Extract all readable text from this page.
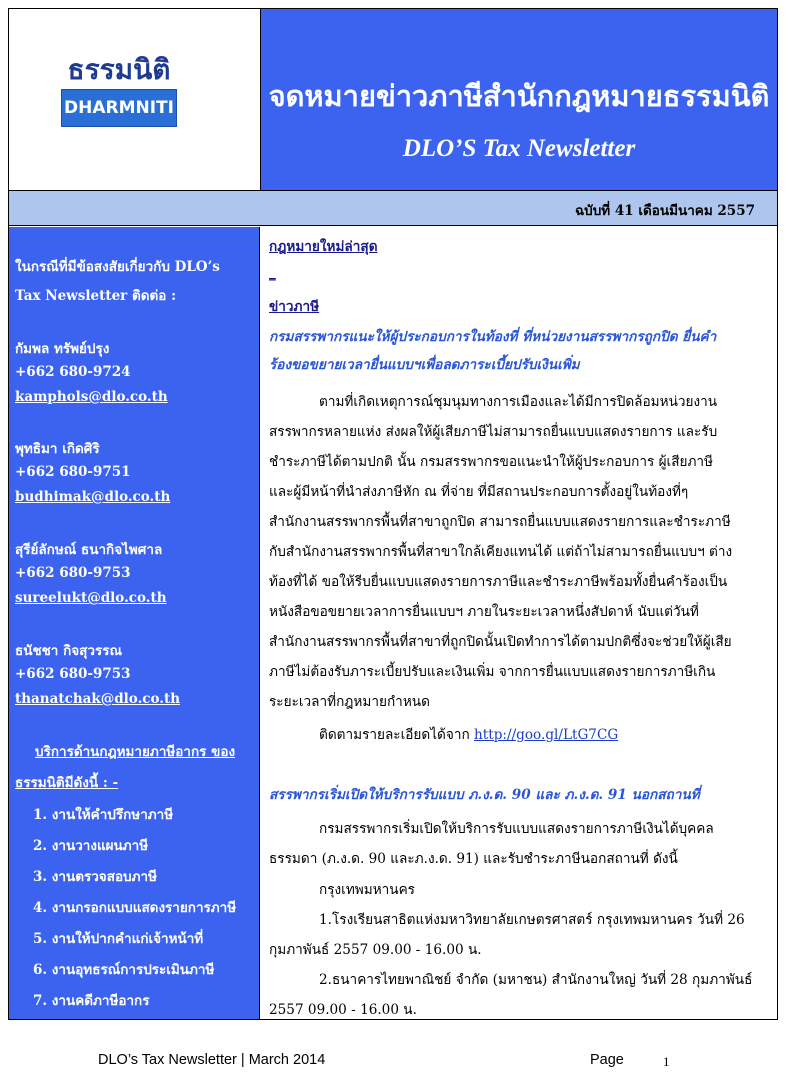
ธรรมนิติ
DHARMNITI	จดหมายข่าวภาษีสำนักกฎหมายธรรมนิติ
DLO’S Tax Newsletter
ฉบับที่ 41 เดือนมีนาคม 2557
ในกรณีที่มีข้อสงสัยเกี่ยวกับ DLO’s
Tax Newsletter ติดต่อ :
กัมพล ทรัพย์ปรุง
+662 680-9724
kamphols@dlo.co.th
พุทธิมา เกิดศิริ
+662 680-9751
budhimak@dlo.co.th
สุรีย์ลักษณ์ ธนากิจไพศาล
+662 680-9753
sureelukt@dlo.co.th
ธนัชชา กิจสุวรรณ
+662 680-9753
thanatchak@dlo.co.th
บริการด้านกฎหมายภาษีอากร ของ
ธรรมนิติมีดังนี้ : -
1. งานให้คำปรึกษาภาษี
2. งานวางแผนภาษี
3. งานตรวจสอบภาษี
4. งานกรอกแบบแสดงรายการภาษี
5. งานให้ปากคำแก่เจ้าหน้าที่
6. งานอุทธรณ์การประเมินภาษี
7. งานคดีภาษีอากร
กฎหมายใหม่ล่าสุด
_
ข่าวภาษี
กรมสรรพากรแนะให้ผู้ประกอบการในท้องที่ ที่หน่วยงานสรรพากรถูกปิด ยื่นคำ
ร้องขอขยายเวลายื่นแบบฯเพื่อลดภาระเบี้ยปรับเงินเพิ่ม
ตามที่เกิดเหตุการณ์ชุมนุมทางการเมืองและได้มีการปิดล้อมหน่วยงาน
สรรพากรหลายแห่ง ส่งผลให้ผู้เสียภาษีไม่สามารถยื่นแบบแสดงรายการ และรับ
ชำระภาษีได้ตามปกติ นั้น กรมสรรพากรขอแนะนำให้ผู้ประกอบการ ผู้เสียภาษี
และผู้มีหน้าที่นำส่งภาษีหัก ณ ที่จ่าย ที่มีสถานประกอบการตั้งอยู่ในท้องที่ๆ
สำนักงานสรรพากรพื้นที่สาขาถูกปิด สามารถยื่นแบบแสดงรายการและชำระภาษี
กับสำนักงานสรรพากรพื้นที่สาขาใกล้เคียงแทนได้ แต่ถ้าไม่สามารถยื่นแบบฯ ต่าง
ท้องที่ได้ ขอให้รีบยื่นแบบแสดงรายการภาษีและชำระภาษีพร้อมทั้งยื่นคำร้องเป็น
หนังสือขอขยายเวลาการยื่นแบบฯ ภายในระยะเวลาหนึ่งสัปดาห์ นับแต่วันที่
สำนักงานสรรพากรพื้นที่สาขาที่ถูกปิดนั้นเปิดทำการได้ตามปกติซึ่งจะช่วยให้ผู้เสีย
ภาษีไม่ต้องรับภาระเบี้ยปรับและเงินเพิ่ม จากการยื่นแบบแสดงรายการภาษีเกิน
ระยะเวลาที่กฎหมายกำหนด
ติดตามรายละเอียดได้จาก http://goo.gl/LtG7CG
สรรพากรเริ่มเปิดให้บริการรับแบบ ภ.ง.ด. 90 และ ภ.ง.ด. 91 นอกสถานที่
กรมสรรพากรเริ่มเปิดให้บริการรับแบบแสดงรายการภาษีเงินได้บุคคล
ธรรมดา (ภ.ง.ด. 90 และภ.ง.ด. 91) และรับชำระภาษีนอกสถานที่ ดังนี้
กรุงเทพมหานคร
1.โรงเรียนสาธิตแห่งมหาวิทยาลัยเกษตรศาสตร์ กรุงเทพมหานคร วันที่ 26
กุมภาพันธ์ 2557 09.00 - 16.00 น.
2.ธนาคารไทยพาณิชย์ จำกัด (มหาชน) สำนักงานใหญ่ วันที่ 28 กุมภาพันธ์
2557 09.00 - 16.00 น.
DLO’s Tax Newsletter | March 2014	Page	1
